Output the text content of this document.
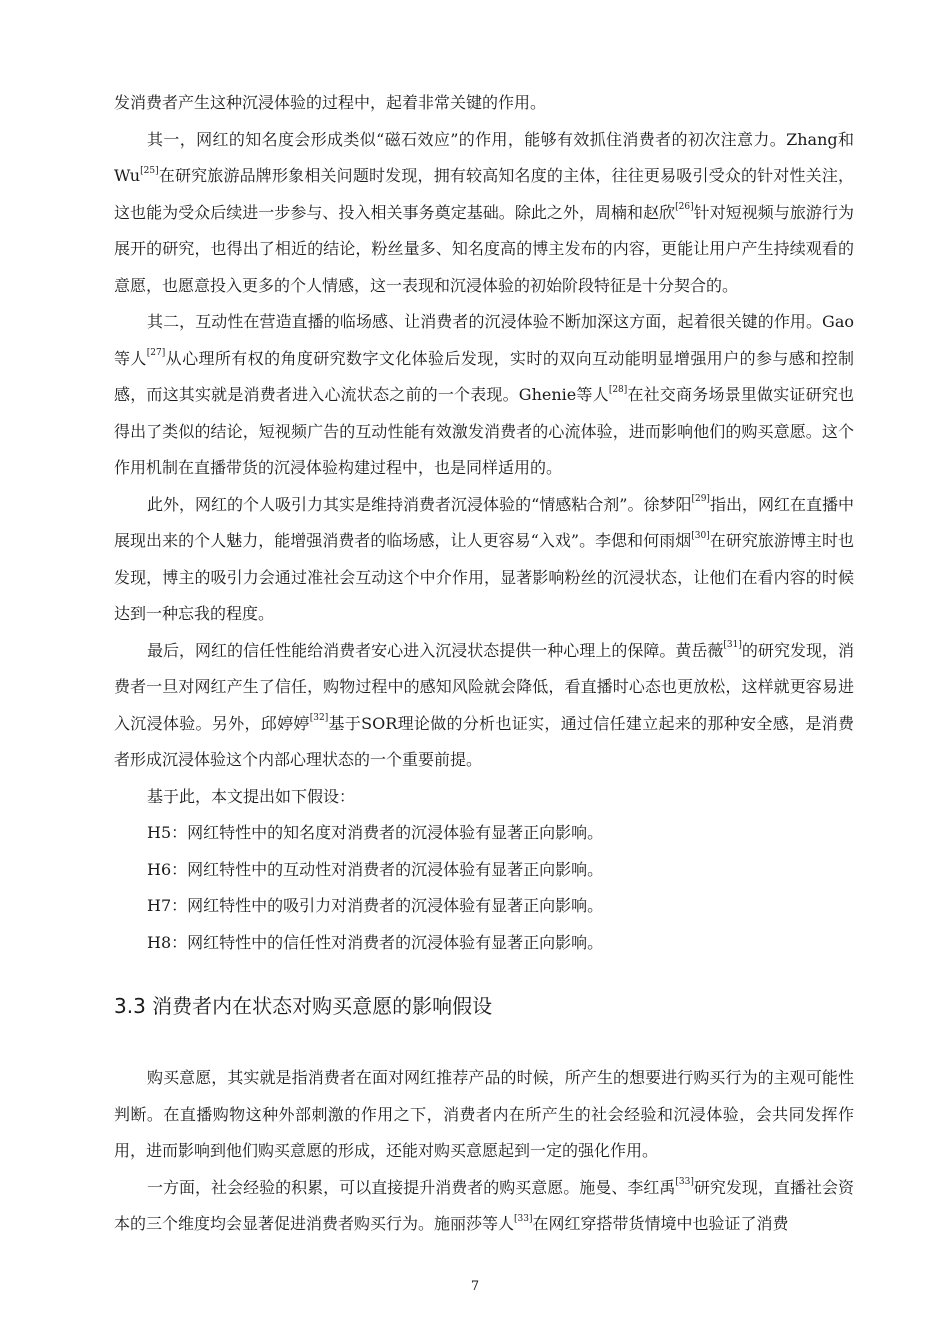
发消费者产生这种沉浸体验的过程中，起着非常关键的作用。

其一，网红的知名度会形成类似“磁石效应”的作用，能够有效抓住消费者的初次注意力。Zhang和Wu[25]在研究旅游品牌形象相关问题时发现，拥有较高知名度的主体，往往更易吸引受众的针对性关注，这也能为受众后续进一步参与、投入相关事务奠定基础。除此之外，周楠和赵欣[26]针对短视频与旅游行为展开的研究，也得出了相近的结论，粉丝量多、知名度高的博主发布的内容，更能让用户产生持续观看的意愿，也愿意投入更多的个人情感，这一表现和沉浸体验的初始阶段特征是十分契合的。

其二，互动性在营造直播的临场感、让消费者的沉浸体验不断加深这方面，起着很关键的作用。Gao等人[27]从心理所有权的角度研究数字文化体验后发现，实时的双向互动能明显增强用户的参与感和控制感，而这其实就是消费者进入心流状态之前的一个表现。Ghenie等人[28]在社交商务场景里做实证研究也得出了类似的结论，短视频广告的互动性能有效激发消费者的心流体验，进而影响他们的购买意愿。这个作用机制在直播带货的沉浸体验构建过程中，也是同样适用的。

此外，网红的个人吸引力其实是维持消费者沉浸体验的“情感粘合剂”。徐梦阳[29]指出，网红在直播中展现出来的个人魅力，能增强消费者的临场感，让人更容易“入戏”。李偲和何雨烟[30]在研究旅游博主时也发现，博主的吸引力会通过准社会互动这个中介作用，显著影响粉丝的沉浸状态，让他们在看内容的时候达到一种忘我的程度。

最后，网红的信任性能给消费者安心进入沉浸状态提供一种心理上的保障。黄岳薇[31]的研究发现，消费者一旦对网红产生了信任，购物过程中的感知风险就会降低，看直播时心态也更放松，这样就更容易进入沉浸体验。另外，邱婷婷[32]基于SOR理论做的分析也证实，通过信任建立起来的那种安全感，是消费者形成沉浸体验这个内部心理状态的一个重要前提。

基于此，本文提出如下假设：

H5：网红特性中的知名度对消费者的沉浸体验有显著正向影响。

H6：网红特性中的互动性对消费者的沉浸体验有显著正向影响。

H7：网红特性中的吸引力对消费者的沉浸体验有显著正向影响。

H8：网红特性中的信任性对消费者的沉浸体验有显著正向影响。

3.3 消费者内在状态对购买意愿的影响假设

购买意愿，其实就是指消费者在面对网红推荐产品的时候，所产生的想要进行购买行为的主观可能性判断。在直播购物这种外部刺激的作用之下，消费者内在所产生的社会经验和沉浸体验，会共同发挥作用，进而影响到他们购买意愿的形成，还能对购买意愿起到一定的强化作用。

一方面，社会经验的积累，可以直接提升消费者的购买意愿。施曼、李红禹[33]研究发现，直播社会资本的三个维度均会显著促进消费者购买行为。施丽莎等人[33]在网红穿搭带货情境中也验证了消费

7
